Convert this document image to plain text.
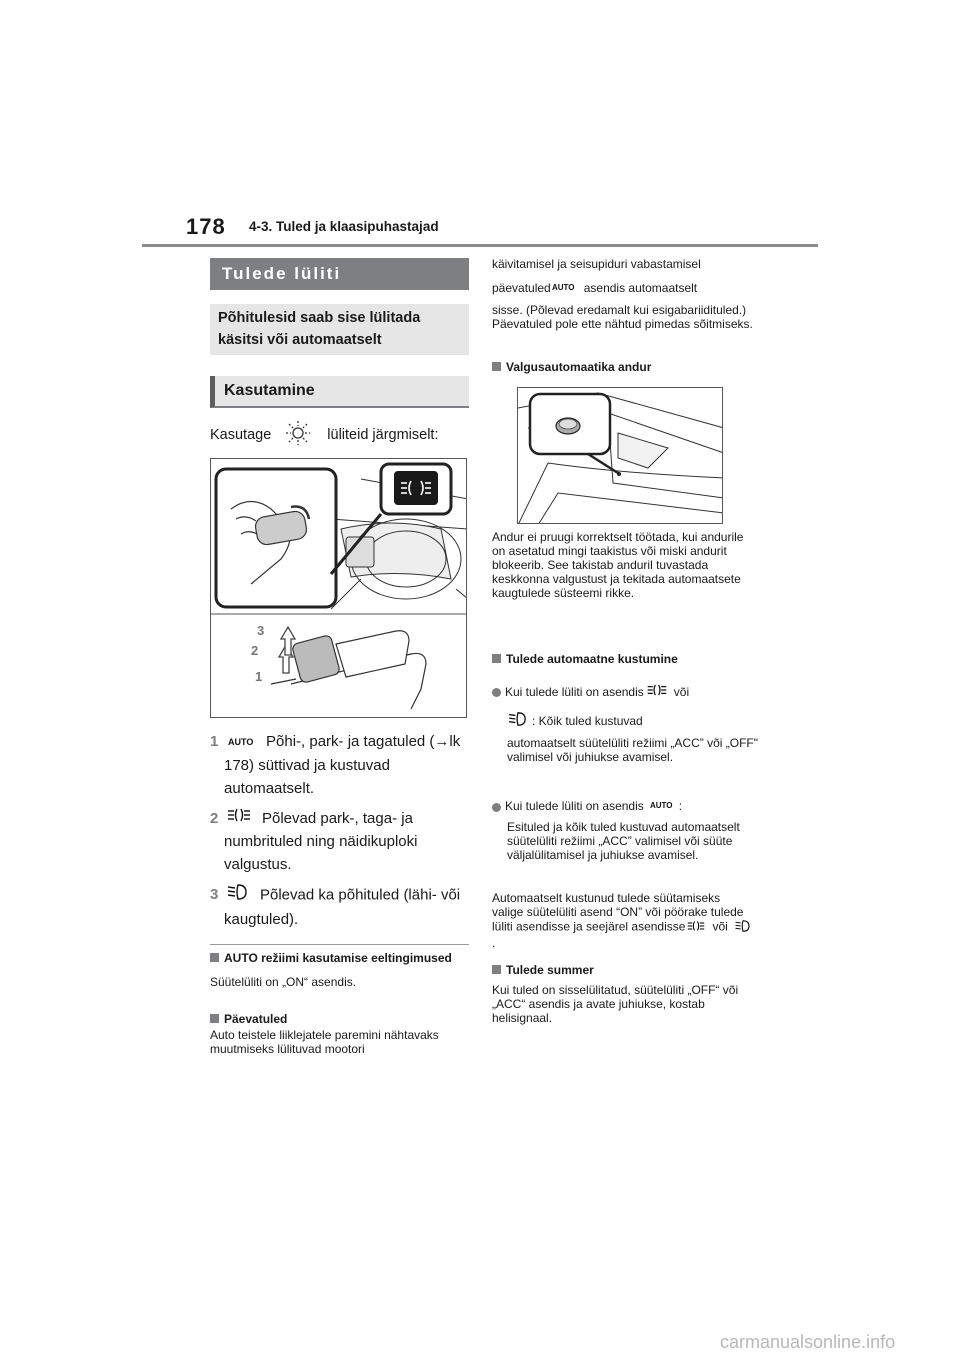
178 4-3. Tuled ja klaasipuhastajad
Tulede lüliti
Põhitulesid saab sise lülitada käsitsi või automaatselt
Kasutamine
Kasutage	lüliteid järgmiselt:
3
2
1
1	AUTO Põhi-, park- ja tagatuled (→lk 178) süttivad ja kustuvad automaatselt.
2	Põlevad park-, taga- ja numbrituled ning näidikuploki valgustus.
3	Põlevad ka põhituled (lähi- või kaugtuled).
AUTO režiimi kasutamise eeltingimused
Süütelüliti on „ON“ asendis.
Päevatuled
Auto teistele liiklejatele paremini nähtavaks muutmiseks lülituvad mootori
käivitamisel ja seisupiduri vabastamisel
päevatuled AUTO asendis automaatselt
sisse. (Põlevad eredamalt kui esigabariidituled.) Päevatuled pole ette nähtud pimedas sõitmiseks.
Valgusautomaatika andur
Andur ei pruugi korrektselt töötada, kui andurile on asetatud mingi taakistus või miski andurit blokeerib. See takistab anduril tuvastada keskkonna valgustust ja tekitada automaatsete kaugtulede süsteemi rikke.
Tulede automaatne kustumine
Kui tulede lüliti on asendis	või
: Kõik tuled kustuvad
automaatselt süütelüliti režiimi „ACC” või „OFF" valimisel või juhiukse avamisel.
Kui tulede lüliti on asendis AUTO :
Esituled ja kõik tuled kustuvad automaatselt süütelüliti režiimi „ACC” valimisel või süüte väljalülitamisel ja juhiukse avamisel.
Automaatselt kustunud tulede süütamiseks valige süütelüliti asend “ON” või pöörake tulede lüliti asendisse ja seejärel asendisse või.
Tulede summer
Kui tuled on sisselülitatud, süütelüliti „OFF“ või „ACC“ asendis ja avate juhiukse, kostab helisignaal.
carmanualsonline.info
